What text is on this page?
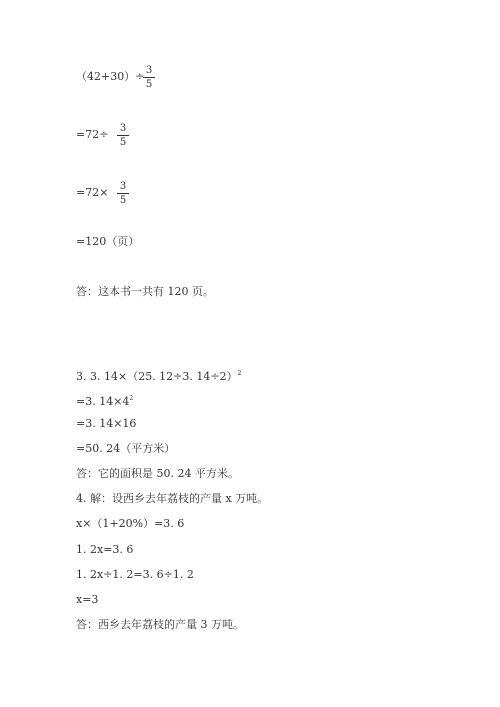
（42+30）÷ 3
5
=72÷ 3
5
=72× 3
5
=120（页）
答：这本书一共有 120 页。
3. 3. 14×（25. 12÷3. 14÷2）$^2$
=3. $14\times 4^2$
=3. 14×16
=50. 24（平方米）
答：它的面积是 50. 24 平方米。
4. 解：设西乡去年荔枝的产量 x 万吨。
x×（1+20%）=3. 6
1. 2x=3. 6
1. 2x÷1. 2=3. 6÷1. 2
x=3
答：西乡去年荔枝的产量 3 万吨。
